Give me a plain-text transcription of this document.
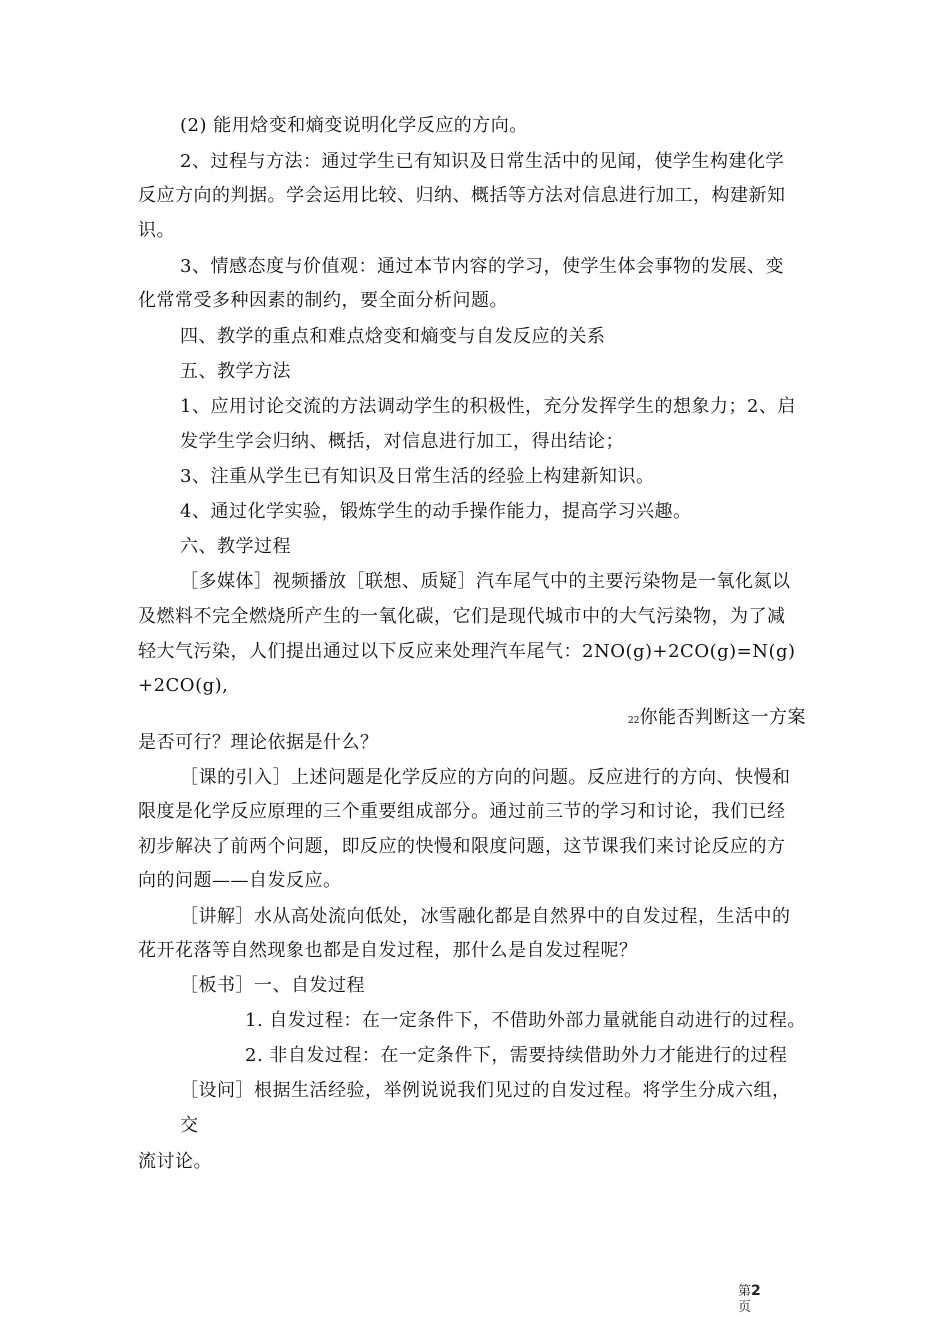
(2) 能用焓变和熵变说明化学反应的方向。
2、过程与方法：通过学生已有知识及日常生活中的见闻，使学生构建化学
反应方向的判据。学会运用比较、归纳、概括等方法对信息进行加工，构建新知
识。
3、情感态度与价值观：通过本节内容的学习，使学生体会事物的发展、变
化常常受多种因素的制约，要全面分析问题。
四、教学的重点和难点焓变和熵变与自发反应的关系
五、教学方法
1、应用讨论交流的方法调动学生的积极性，充分发挥学生的想象力；2、启
发学生学会归纳、概括，对信息进行加工，得出结论；
3、注重从学生已有知识及日常生活的经验上构建新知识。
4、通过化学实验，锻炼学生的动手操作能力，提高学习兴趣。
六、教学过程
［多媒体］视频播放［联想、质疑］汽车尾气中的主要污染物是一氧化氮以
及燃料不完全燃烧所产生的一氧化碳，它们是现代城市中的大气污染物，为了减
轻大气污染，人们提出通过以下反应来处理汽车尾气：2NO(g)+2CO(g)=N(g)
+2CO(g),
22你能否判断这一方案
是否可行？理论依据是什么？
［课的引入］上述问题是化学反应的方向的问题。反应进行的方向、快慢和
限度是化学反应原理的三个重要组成部分。通过前三节的学习和讨论，我们已经
初步解决了前两个问题，即反应的快慢和限度问题，这节课我们来讨论反应的方
向的问题——自发反应。
［讲解］水从高处流向低处，冰雪融化都是自然界中的自发过程，生活中的
花开花落等自然现象也都是自发过程，那什么是自发过程呢？
［板书］一、自发过程
1. 自发过程：在一定条件下，不借助外部力量就能自动进行的过程。
2. 非自发过程：在一定条件下，需要持续借助外力才能进行的过程
［设问］根据生活经验，举例说说我们见过的自发过程。将学生分成六组，
交
流讨论。
第2
页
